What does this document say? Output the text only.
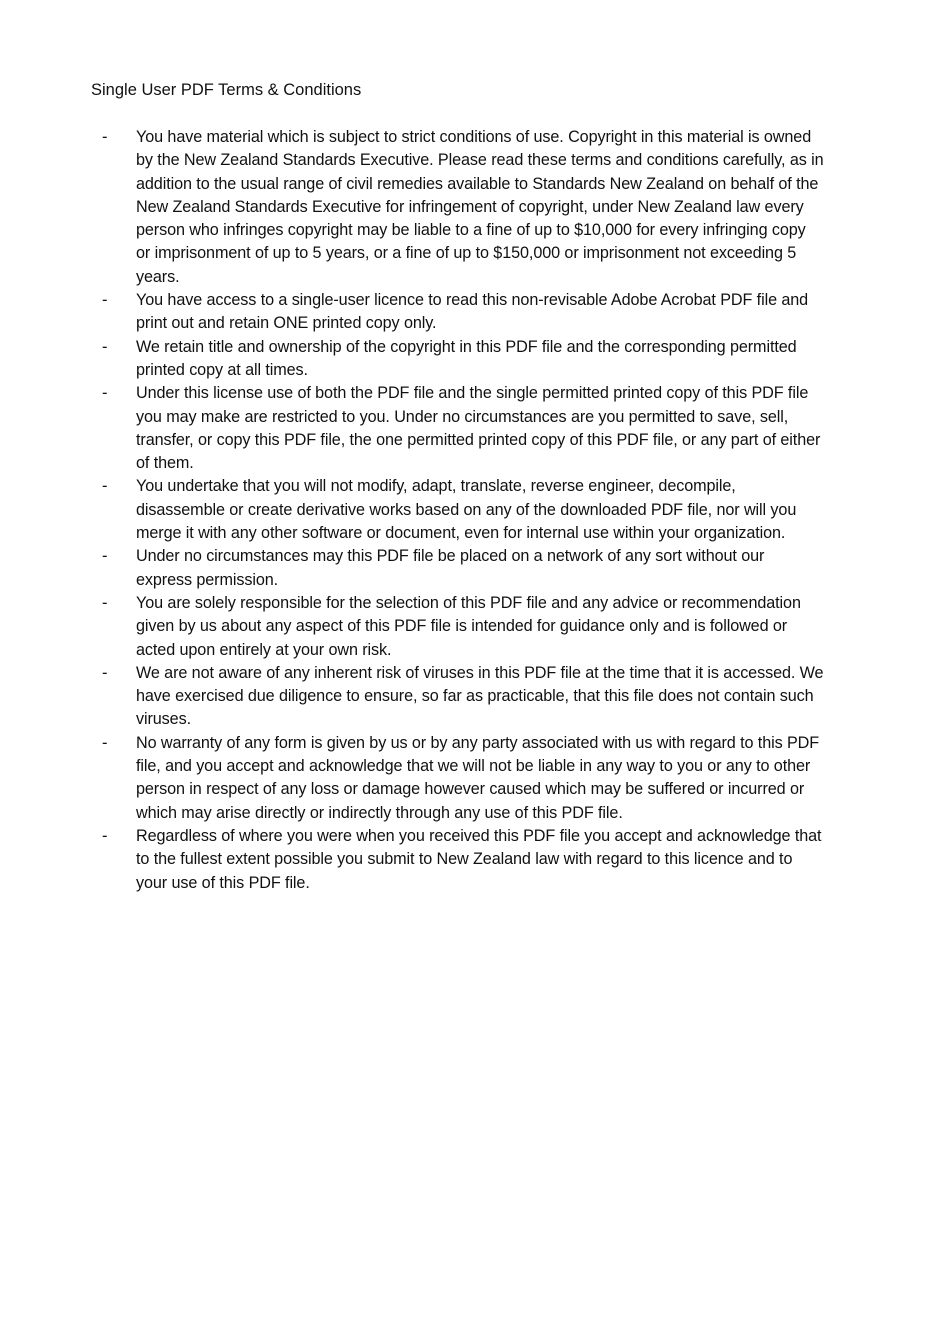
Single User PDF Terms & Conditions
- You have material which is subject to strict conditions of use. Copyright in this material is owned by the New Zealand Standards Executive. Please read these terms and conditions carefully, as in addition to the usual range of civil remedies available to Standards New Zealand on behalf of the New Zealand Standards Executive for infringement of copyright, under New Zealand law every person who infringes copyright may be liable to a fine of up to $10,000 for every infringing copy or imprisonment of up to 5 years, or a fine of up to $150,000 or imprisonment not exceeding 5 years.
- You have access to a single-user licence to read this non-revisable Adobe Acrobat PDF file and print out and retain ONE printed copy only.
- We retain title and ownership of the copyright in this PDF file and the corresponding permitted printed copy at all times.
- Under this license use of both the PDF file and the single permitted printed copy of this PDF file you may make are restricted to you. Under no circumstances are you permitted to save, sell, transfer, or copy this PDF file, the one permitted printed copy of this PDF file, or any part of either of them.
- You undertake that you will not modify, adapt, translate, reverse engineer, decompile, disassemble or create derivative works based on any of the downloaded PDF file, nor will you merge it with any other software or document, even for internal use within your organization.
- Under no circumstances may this PDF file be placed on a network of any sort without our express permission.
- You are solely responsible for the selection of this PDF file and any advice or recommendation given by us about any aspect of this PDF file is intended for guidance only and is followed or acted upon entirely at your own risk.
- We are not aware of any inherent risk of viruses in this PDF file at the time that it is accessed. We have exercised due diligence to ensure, so far as practicable, that this file does not contain such viruses.
- No warranty of any form is given by us or by any party associated with us with regard to this PDF file, and you accept and acknowledge that we will not be liable in any way to you or any to other person in respect of any loss or damage however caused which may be suffered or incurred or which may arise directly or indirectly through any use of this PDF file.
- Regardless of where you were when you received this PDF file you accept and acknowledge that to the fullest extent possible you submit to New Zealand law with regard to this licence and to your use of this PDF file.
